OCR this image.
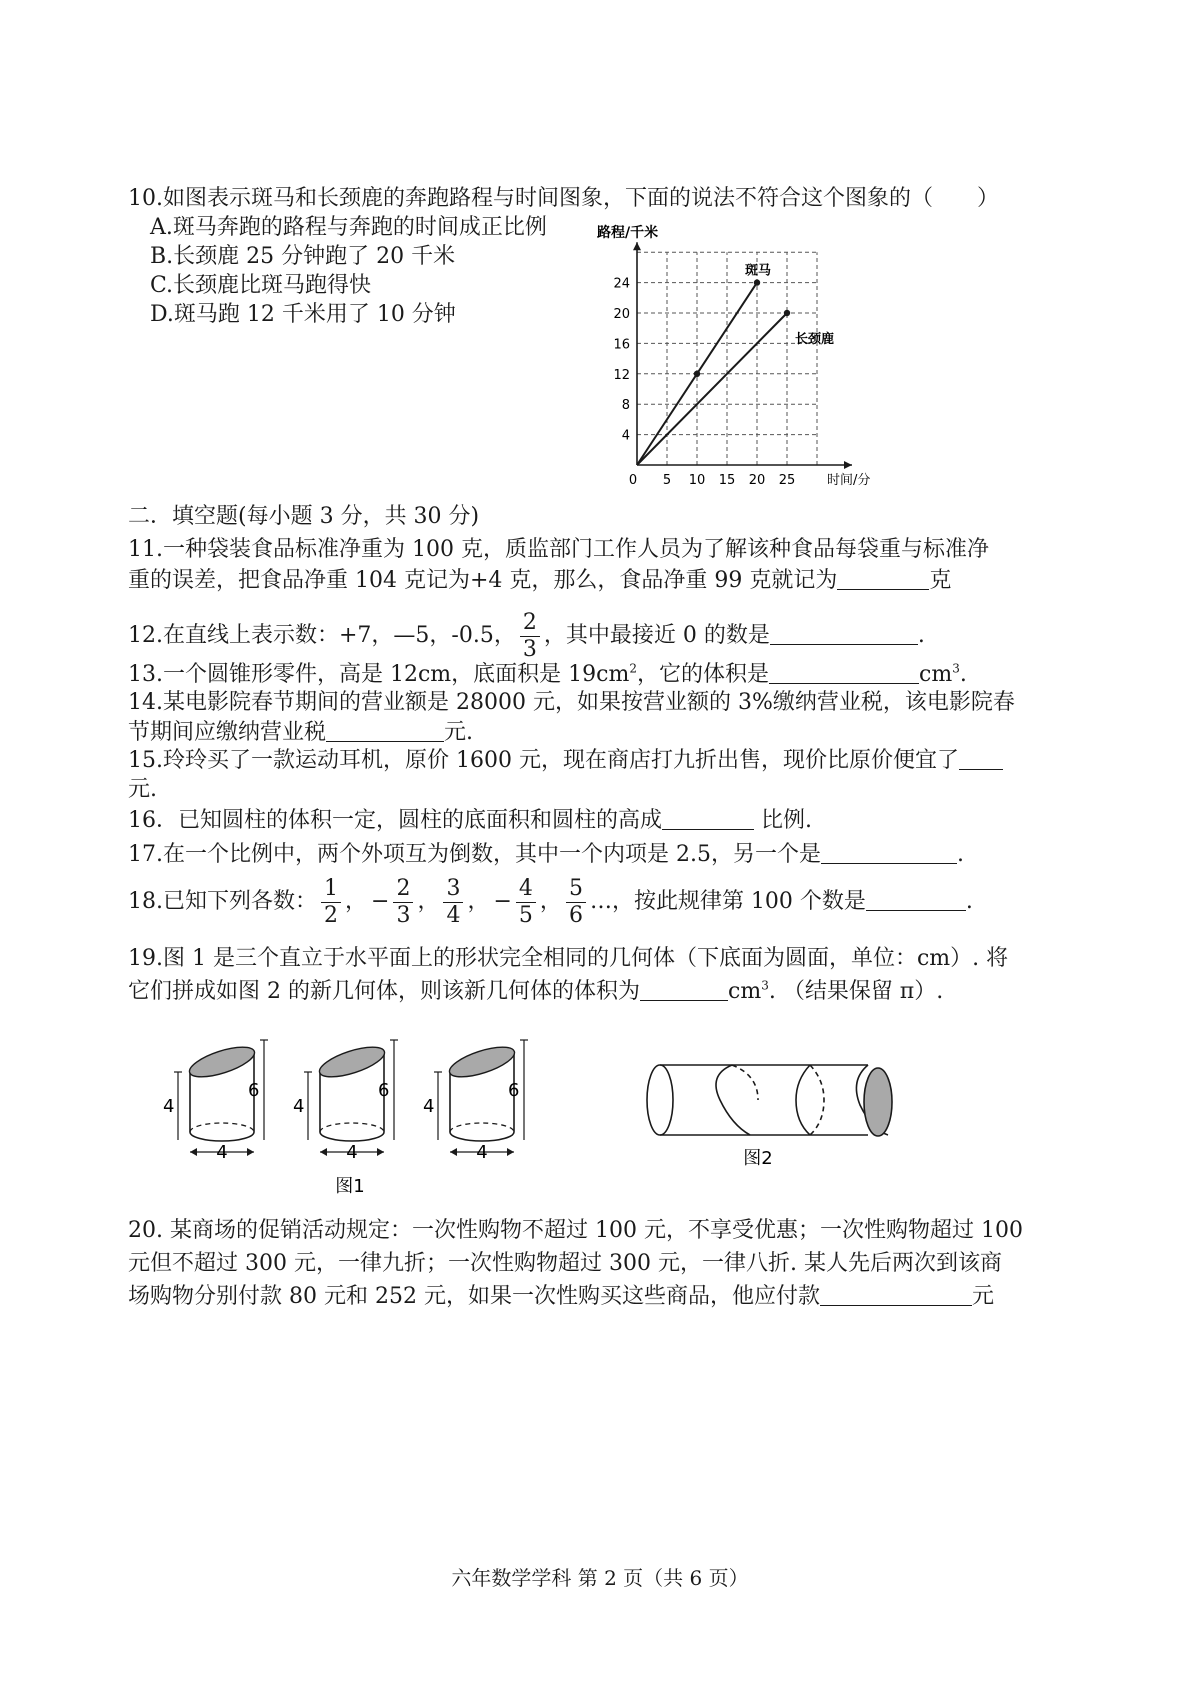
10.如图表示斑马和长颈鹿的奔跑路程与时间图象，下面的说法不符合这个图象的（　　）
A.斑马奔跑的路程与奔跑的时间成正比例
B.长颈鹿 25 分钟跑了 20 千米
C.长颈鹿比斑马跑得快
D.斑马跑 12 千米用了 10 分钟
0 5 10 15 20 25
4
8
12
16
20
24
路程/千米
时间/分
斑马
长颈鹿
二．填空题(每小题 3 分，共 30 分)
11.一种袋装食品标准净重为 100 克，质监部门工作人员为了解该种食品每袋重与标准净
重的误差，把食品净重 104 克记为+4 克，那么，食品净重 99 克就记为	克
12.在直线上表示数：+7，—5，-0.5， $\frac{2}{3}$ ，其中最接近 0 的数是	.
13.一个圆锥形零件，高是 12cm，底面积是 $19cm^2$，它的体积是	$cm^3$.
14.某电影院春节期间的营业额是 28000 元，如果按营业额的 3%缴纳营业税，该电影院春
节期间应缴纳营业税	元.
15.玲玲买了一款运动耳机，原价 1600 元，现在商店打九折出售，现价比原价便宜了
元.
16．已知圆柱的体积一定，圆柱的底面积和圆柱的高成	比例.
17.在一个比例中，两个外项互为倒数，其中一个内项是 2.5，另一个是	.
18.已知下列各数： $\frac{1}{2}$ ， − $\frac{2}{3}$ ， $\frac{3}{4}$ ， − $\frac{4}{5}$ ， $\frac{5}{6}$ …，按此规律第 100 个数是	.
19.图 1 是三个直立于水平面上的形状完全相同的几何体（下底面为圆面，单位：cm）. 将
它们拼成如图 2 的新几何体，则该新几何体的体积为	$cm^3$. （结果保留 π）.
4
6
4
4
6
4
4
6
4
图1
图2
20. 某商场的促销活动规定：一次性购物不超过 100 元，不享受优惠；一次性购物超过 100
元但不超过 300 元，一律九折；一次性购物超过 300 元，一律八折. 某人先后两次到该商
场购物分别付款 80 元和 252 元，如果一次性购买这些商品，他应付款	元
六年数学学科 第 2 页（共 6 页）
